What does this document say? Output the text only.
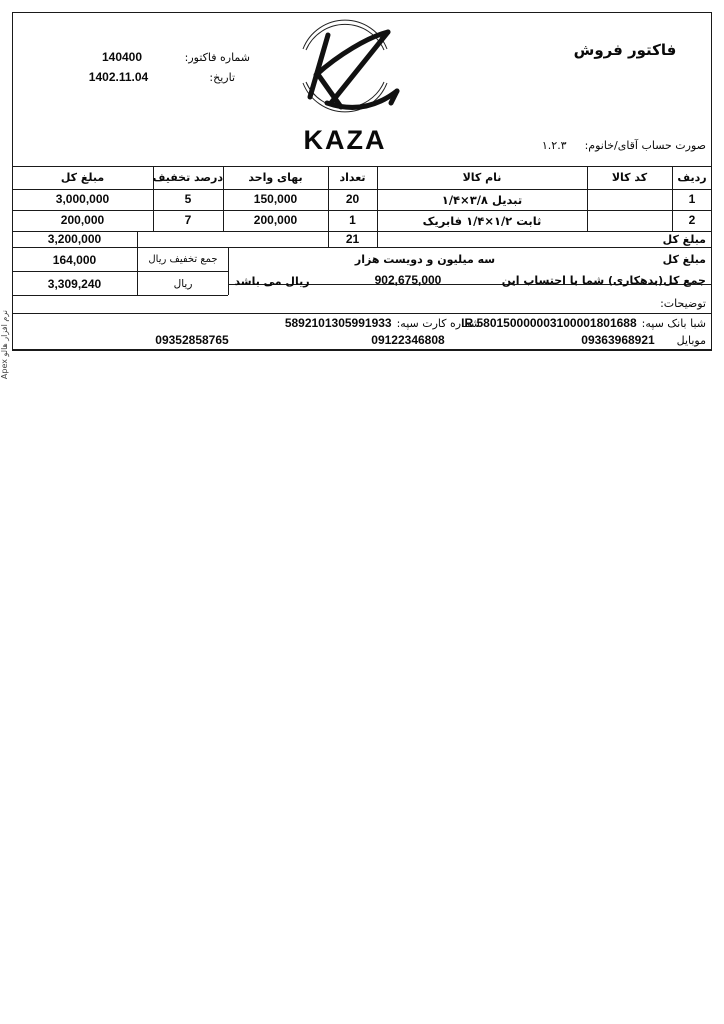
فاکتور فروش
شماره فاکتور:
140400
تاریخ:
1402.11.04
KAZA	صورت حساب آقای/خانوم:
۱.۲.۳
مبلغ کل	درصد تخفیف	بهای واحد	تعداد	نام کالا	کد کالا	ردیف
3,000,000	5	150,000	20	تبدیل ۳/۸×۱/۴	1
200,000	7	200,000	1	ثابت ۱/۲×۱/۴ فابریک	2
3,200,000	21	مبلغ کل
164,000	جمع تخفیف ریال
3,309,240	ریال
مبلغ کل
سه میلیون و دویست هزار
جمع کل(بدهکاری) شما با احتساب این
902,675,000
ریال می باشد
توضیحات:
شبا بانک سپه:
IR 580150000003100001801688
شماره کارت سپه:
5892101305991933
موبایل
09363968921
09122346808
09352858765
نرم افزار هالو Apex
